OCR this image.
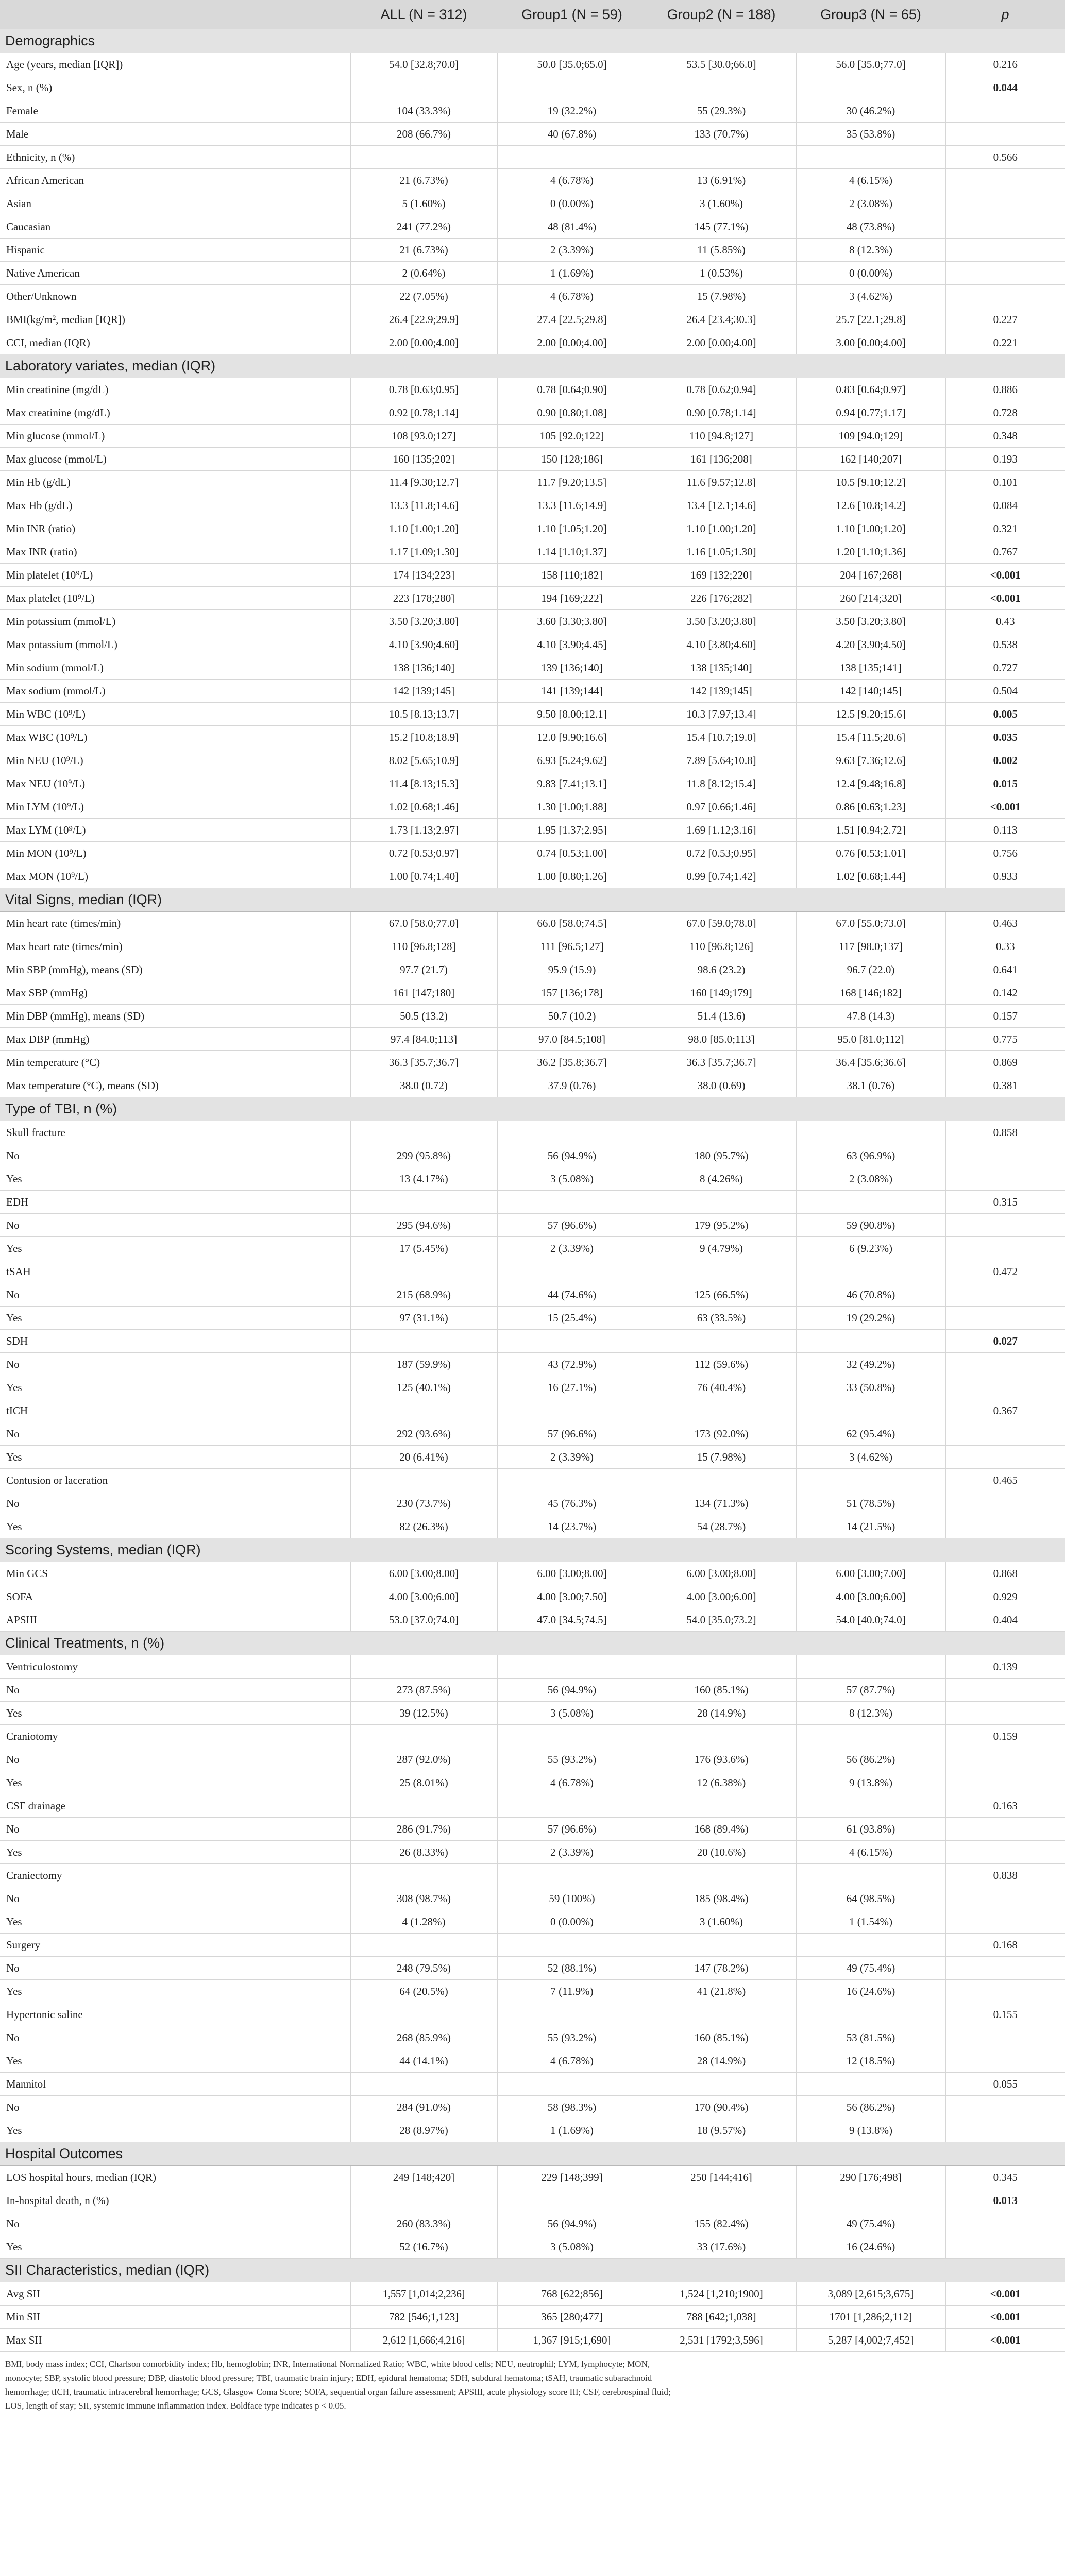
	ALL (N = 312)	Group1 (N = 59)	Group2 (N = 188)	Group3 (N = 65)	p
Demographics					
Age (years, median [IQR])	54.0 [32.8;70.0]	50.0 [35.0;65.0]	53.5 [30.0;66.0]	56.0 [35.0;77.0]	0.216
Sex, n (%)					0.044
Female	104 (33.3%)	19 (32.2%)	55 (29.3%)	30 (46.2%)	
Male	208 (66.7%)	40 (67.8%)	133 (70.7%)	35 (53.8%)	
Ethnicity, n (%)					0.566
African American	21 (6.73%)	4 (6.78%)	13 (6.91%)	4 (6.15%)	
Asian	5 (1.60%)	0 (0.00%)	3 (1.60%)	2 (3.08%)	
Caucasian	241 (77.2%)	48 (81.4%)	145 (77.1%)	48 (73.8%)	
Hispanic	21 (6.73%)	2 (3.39%)	11 (5.85%)	8 (12.3%)	
Native American	2 (0.64%)	1 (1.69%)	1 (0.53%)	0 (0.00%)	
Other/Unknown	22 (7.05%)	4 (6.78%)	15 (7.98%)	3 (4.62%)	
BMI(kg/m², median [IQR])	26.4 [22.9;29.9]	27.4 [22.5;29.8]	26.4 [23.4;30.3]	25.7 [22.1;29.8]	0.227
CCI, median (IQR)	2.00 [0.00;4.00]	2.00 [0.00;4.00]	2.00 [0.00;4.00]	3.00 [0.00;4.00]	0.221
Laboratory variates, median (IQR)					
Min creatinine (mg/dL)	0.78 [0.63;0.95]	0.78 [0.64;0.90]	0.78 [0.62;0.94]	0.83 [0.64;0.97]	0.886
Max creatinine (mg/dL)	0.92 [0.78;1.14]	0.90 [0.80;1.08]	0.90 [0.78;1.14]	0.94 [0.77;1.17]	0.728
Min glucose (mmol/L)	108 [93.0;127]	105 [92.0;122]	110 [94.8;127]	109 [94.0;129]	0.348
Max glucose (mmol/L)	160 [135;202]	150 [128;186]	161 [136;208]	162 [140;207]	0.193
Min Hb (g/dL)	11.4 [9.30;12.7]	11.7 [9.20;13.5]	11.6 [9.57;12.8]	10.5 [9.10;12.2]	0.101
Max Hb (g/dL)	13.3 [11.8;14.6]	13.3 [11.6;14.9]	13.4 [12.1;14.6]	12.6 [10.8;14.2]	0.084
Min INR (ratio)	1.10 [1.00;1.20]	1.10 [1.05;1.20]	1.10 [1.00;1.20]	1.10 [1.00;1.20]	0.321
Max INR (ratio)	1.17 [1.09;1.30]	1.14 [1.10;1.37]	1.16 [1.05;1.30]	1.20 [1.10;1.36]	0.767
Min platelet (10⁹/L)	174 [134;223]	158 [110;182]	169 [132;220]	204 [167;268]	<0.001
Max platelet (10⁹/L)	223 [178;280]	194 [169;222]	226 [176;282]	260 [214;320]	<0.001
Min potassium (mmol/L)	3.50 [3.20;3.80]	3.60 [3.30;3.80]	3.50 [3.20;3.80]	3.50 [3.20;3.80]	0.43
Max potassium (mmol/L)	4.10 [3.90;4.60]	4.10 [3.90;4.45]	4.10 [3.80;4.60]	4.20 [3.90;4.50]	0.538
Min sodium (mmol/L)	138 [136;140]	139 [136;140]	138 [135;140]	138 [135;141]	0.727
Max sodium (mmol/L)	142 [139;145]	141 [139;144]	142 [139;145]	142 [140;145]	0.504
Min WBC (10⁹/L)	10.5 [8.13;13.7]	9.50 [8.00;12.1]	10.3 [7.97;13.4]	12.5 [9.20;15.6]	0.005
Max WBC (10⁹/L)	15.2 [10.8;18.9]	12.0 [9.90;16.6]	15.4 [10.7;19.0]	15.4 [11.5;20.6]	0.035
Min NEU (10⁹/L)	8.02 [5.65;10.9]	6.93 [5.24;9.62]	7.89 [5.64;10.8]	9.63 [7.36;12.6]	0.002
Max NEU (10⁹/L)	11.4 [8.13;15.3]	9.83 [7.41;13.1]	11.8 [8.12;15.4]	12.4 [9.48;16.8]	0.015
Min LYM (10⁹/L)	1.02 [0.68;1.46]	1.30 [1.00;1.88]	0.97 [0.66;1.46]	0.86 [0.63;1.23]	<0.001
Max LYM (10⁹/L)	1.73 [1.13;2.97]	1.95 [1.37;2.95]	1.69 [1.12;3.16]	1.51 [0.94;2.72]	0.113
Min MON (10⁹/L)	0.72 [0.53;0.97]	0.74 [0.53;1.00]	0.72 [0.53;0.95]	0.76 [0.53;1.01]	0.756
Max MON (10⁹/L)	1.00 [0.74;1.40]	1.00 [0.80;1.26]	0.99 [0.74;1.42]	1.02 [0.68;1.44]	0.933
Vital Signs, median (IQR)					
Min heart rate (times/min)	67.0 [58.0;77.0]	66.0 [58.0;74.5]	67.0 [59.0;78.0]	67.0 [55.0;73.0]	0.463
Max heart rate (times/min)	110 [96.8;128]	111 [96.5;127]	110 [96.8;126]	117 [98.0;137]	0.33
Min SBP (mmHg), means (SD)	97.7 (21.7)	95.9 (15.9)	98.6 (23.2)	96.7 (22.0)	0.641
Max SBP (mmHg)	161 [147;180]	157 [136;178]	160 [149;179]	168 [146;182]	0.142
Min DBP (mmHg), means (SD)	50.5 (13.2)	50.7 (10.2)	51.4 (13.6)	47.8 (14.3)	0.157
Max DBP (mmHg)	97.4 [84.0;113]	97.0 [84.5;108]	98.0 [85.0;113]	95.0 [81.0;112]	0.775
Min temperature (°C)	36.3 [35.7;36.7]	36.2 [35.8;36.7]	36.3 [35.7;36.7]	36.4 [35.6;36.6]	0.869
Max temperature (°C), means (SD)	38.0 (0.72)	37.9 (0.76)	38.0 (0.69)	38.1 (0.76)	0.381
Type of TBI, n (%)					
Skull fracture					0.858
No	299 (95.8%)	56 (94.9%)	180 (95.7%)	63 (96.9%)	
Yes	13 (4.17%)	3 (5.08%)	8 (4.26%)	2 (3.08%)	
EDH					0.315
No	295 (94.6%)	57 (96.6%)	179 (95.2%)	59 (90.8%)	
Yes	17 (5.45%)	2 (3.39%)	9 (4.79%)	6 (9.23%)	
tSAH					0.472
No	215 (68.9%)	44 (74.6%)	125 (66.5%)	46 (70.8%)	
Yes	97 (31.1%)	15 (25.4%)	63 (33.5%)	19 (29.2%)	
SDH					0.027
No	187 (59.9%)	43 (72.9%)	112 (59.6%)	32 (49.2%)	
Yes	125 (40.1%)	16 (27.1%)	76 (40.4%)	33 (50.8%)	
tICH					0.367
No	292 (93.6%)	57 (96.6%)	173 (92.0%)	62 (95.4%)	
Yes	20 (6.41%)	2 (3.39%)	15 (7.98%)	3 (4.62%)	
Contusion or laceration					0.465
No	230 (73.7%)	45 (76.3%)	134 (71.3%)	51 (78.5%)	
Yes	82 (26.3%)	14 (23.7%)	54 (28.7%)	14 (21.5%)	
Scoring Systems, median (IQR)					
Min GCS	6.00 [3.00;8.00]	6.00 [3.00;8.00]	6.00 [3.00;8.00]	6.00 [3.00;7.00]	0.868
SOFA	4.00 [3.00;6.00]	4.00 [3.00;7.50]	4.00 [3.00;6.00]	4.00 [3.00;6.00]	0.929
APSIII	53.0 [37.0;74.0]	47.0 [34.5;74.5]	54.0 [35.0;73.2]	54.0 [40.0;74.0]	0.404
Clinical Treatments, n (%)					
Ventriculostomy					0.139
No	273 (87.5%)	56 (94.9%)	160 (85.1%)	57 (87.7%)	
Yes	39 (12.5%)	3 (5.08%)	28 (14.9%)	8 (12.3%)	
Craniotomy					0.159
No	287 (92.0%)	55 (93.2%)	176 (93.6%)	56 (86.2%)	
Yes	25 (8.01%)	4 (6.78%)	12 (6.38%)	9 (13.8%)	
CSF drainage					0.163
No	286 (91.7%)	57 (96.6%)	168 (89.4%)	61 (93.8%)	
Yes	26 (8.33%)	2 (3.39%)	20 (10.6%)	4 (6.15%)	
Craniectomy					0.838
No	308 (98.7%)	59 (100%)	185 (98.4%)	64 (98.5%)	
Yes	4 (1.28%)	0 (0.00%)	3 (1.60%)	1 (1.54%)	
Surgery					0.168
No	248 (79.5%)	52 (88.1%)	147 (78.2%)	49 (75.4%)	
Yes	64 (20.5%)	7 (11.9%)	41 (21.8%)	16 (24.6%)	
Hypertonic saline					0.155
No	268 (85.9%)	55 (93.2%)	160 (85.1%)	53 (81.5%)	
Yes	44 (14.1%)	4 (6.78%)	28 (14.9%)	12 (18.5%)	
Mannitol					0.055
No	284 (91.0%)	58 (98.3%)	170 (90.4%)	56 (86.2%)	
Yes	28 (8.97%)	1 (1.69%)	18 (9.57%)	9 (13.8%)	
Hospital Outcomes					
LOS hospital hours, median (IQR)	249 [148;420]	229 [148;399]	250 [144;416]	290 [176;498]	0.345
In-hospital death, n (%)					0.013
No	260 (83.3%)	56 (94.9%)	155 (82.4%)	49 (75.4%)	
Yes	52 (16.7%)	3 (5.08%)	33 (17.6%)	16 (24.6%)	
SII Characteristics, median (IQR)					
Avg SII	1,557 [1,014;2,236]	768 [622;856]	1,524 [1,210;1900]	3,089 [2,615;3,675]	<0.001
Min SII	782 [546;1,123]	365 [280;477]	788 [642;1,038]	1701 [1,286;2,112]	<0.001
Max SII	2,612 [1,666;4,216]	1,367 [915;1,690]	2,531 [1792;3,596]	5,287 [4,002;7,452]	<0.001
BMI, body mass index; CCI, Charlson comorbidity index; Hb, hemoglobin; INR, International Normalized Ratio; WBC, white blood cells; NEU, neutrophil; LYM, lymphocyte; MON,
monocyte; SBP, systolic blood pressure; DBP, diastolic blood pressure; TBI, traumatic brain injury; EDH, epidural hematoma; SDH, subdural hematoma; tSAH, traumatic subarachnoid
hemorrhage; tICH, traumatic intracerebral hemorrhage; GCS, Glasgow Coma Score; SOFA, sequential organ failure assessment; APSIII, acute physiology score III; CSF, cerebrospinal fluid;
LOS, length of stay; SII, systemic immune inflammation index. Boldface type indicates p < 0.05.
